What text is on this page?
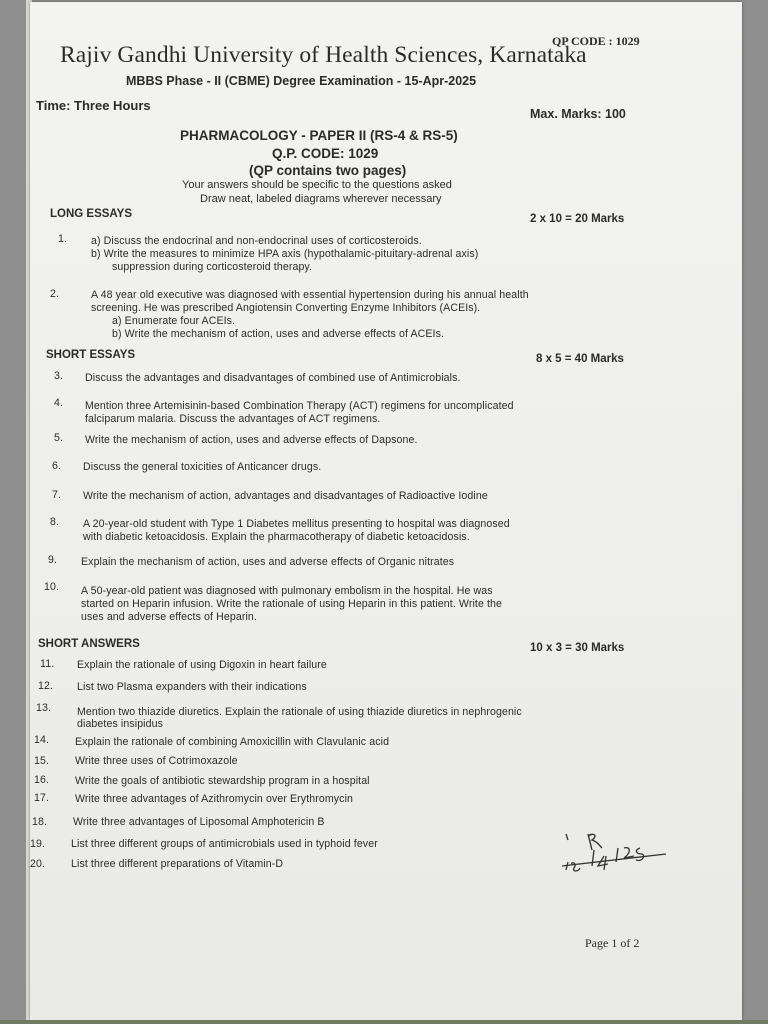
QP CODE : 1029
Rajiv Gandhi University of Health Sciences, Karnataka
MBBS Phase - II (CBME) Degree Examination - 15-Apr-2025
Time: Three Hours
Max. Marks: 100
PHARMACOLOGY - PAPER II (RS-4 & RS-5)
Q.P. CODE: 1029
(QP contains two pages)
Your answers should be specific to the questions asked
Draw neat, labeled diagrams wherever necessary
LONG ESSAYS	2 x 10 = 20 Marks
1. a) Discuss the endocrinal and non-endocrinal uses of corticosteroids.
b) Write the measures to minimize HPA axis (hypothalamic-pituitary-adrenal axis)
suppression during corticosteroid therapy.
2.	A 48 year old executive was diagnosed with essential hypertension during his annual health
screening. He was prescribed Angiotensin Converting Enzyme Inhibitors (ACEIs).
a) Enumerate four ACEIs.
b) Write the mechanism of action, uses and adverse effects of ACEIs.
SHORT ESSAYS	8 x 5 = 40 Marks
3. Discuss the advantages and disadvantages of combined use of Antimicrobials.
4. Mention three Artemisinin-based Combination Therapy (ACT) regimens for uncomplicated
falciparum malaria. Discuss the advantages of ACT regimens.
5. Write the mechanism of action, uses and adverse effects of Dapsone.
6. Discuss the general toxicities of Anticancer drugs.
7. Write the mechanism of action, advantages and disadvantages of Radioactive Iodine
8. A 20-year-old student with Type 1 Diabetes mellitus presenting to hospital was diagnosed
with diabetic ketoacidosis. Explain the pharmacotherapy of diabetic ketoacidosis.
9. Explain the mechanism of action, uses and adverse effects of Organic nitrates
10. A 50-year-old patient was diagnosed with pulmonary embolism in the hospital. He was
started on Heparin infusion. Write the rationale of using Heparin in this patient. Write the
uses and adverse effects of Heparin.
SHORT ANSWERS	10 x 3 = 30 Marks
11. Explain the rationale of using Digoxin in heart failure
12. List two Plasma expanders with their indications
13. Mention two thiazide diuretics. Explain the rationale of using thiazide diuretics in nephrogenic
diabetes insipidus
14. Explain the rationale of combining Amoxicillin with Clavulanic acid
15. Write three uses of Cotrimoxazole
16. Write the goals of antibiotic stewardship program in a hospital
17. Write three advantages of Azithromycin over Erythromycin
18. Write three advantages of Liposomal Amphotericin B
19. List three different groups of antimicrobials used in typhoid fever
20. List three different preparations of Vitamin-D
Page 1 of 2
